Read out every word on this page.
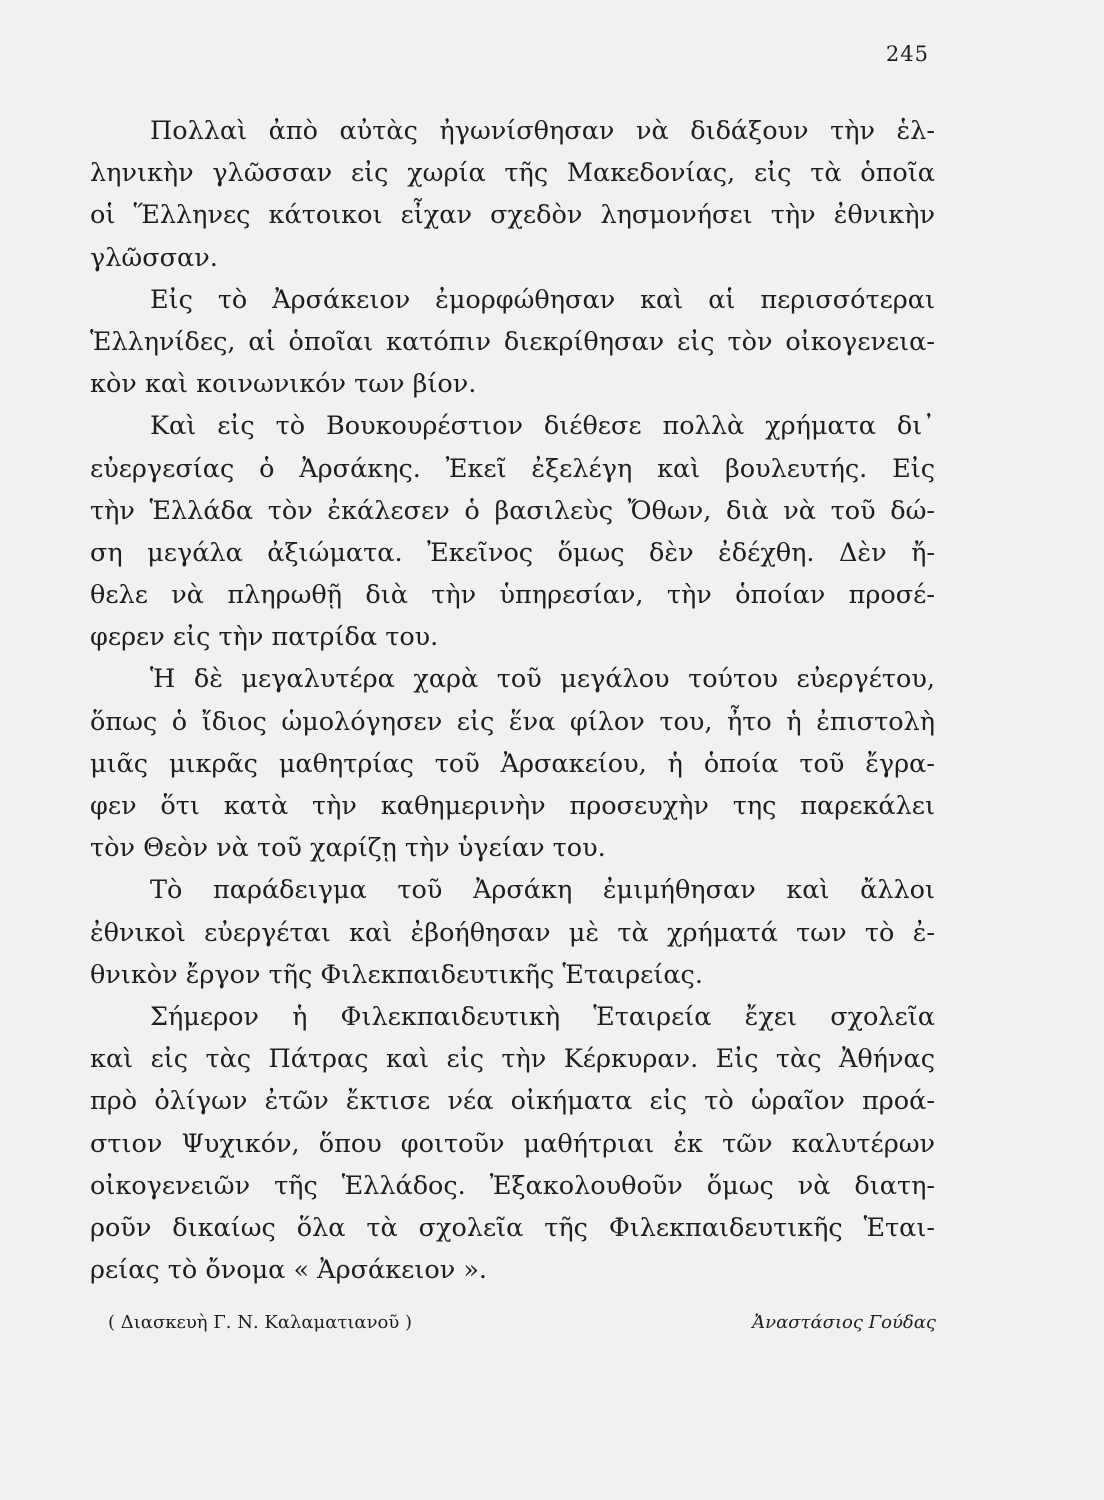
245
Πολλαὶ ἀπὸ αὐτὰς ἠγωνίσθησαν νὰ διδάξουν τὴν ἑλ-
ληνικὴν γλῶσσαν εἰς χωρία τῆς Μακεδονίας, εἰς τὰ ὁποῖα
οἱ Ἕλληνες κάτοικοι εἶχαν σχεδὸν λησμονήσει τὴν ἐθνικὴν
γλῶσσαν.
Εἰς τὸ Ἀρσάκειον ἐμορφώθησαν καὶ αἱ περισσότεραι
Ἑλληνίδες, αἱ ὁποῖαι κατόπιν διεκρίθησαν εἰς τὸν οἰκογενεια-
κὸν καὶ κοινωνικόν των βίον.
Καὶ εἰς τὸ Βουκουρέστιον διέθεσε πολλὰ χρήματα δι᾿
εὐεργεσίας ὁ Ἀρσάκης. Ἐκεῖ ἐξελέγη καὶ βουλευτής. Εἰς
τὴν Ἑλλάδα τὸν ἐκάλεσεν ὁ βασιλεὺς Ὄθων, διὰ νὰ τοῦ δώ-
ση μεγάλα ἀξιώματα. Ἐκεῖνος ὅμως δὲν ἐδέχθη. Δὲν ἤ-
θελε νὰ πληρωθῇ διὰ τὴν ὑπηρεσίαν, τὴν ὁποίαν προσέ-
φερεν εἰς τὴν πατρίδα του.
Ἡ δὲ μεγαλυτέρα χαρὰ τοῦ μεγάλου τούτου εὐεργέτου,
ὅπως ὁ ἴδιος ὡμολόγησεν εἰς ἕνα φίλον του, ἦτο ἡ ἐπιστολὴ
μιᾶς μικρᾶς μαθητρίας τοῦ Ἀρσακείου, ἡ ὁποία τοῦ ἔγρα-
φεν ὅτι κατὰ τὴν καθημερινὴν προσευχὴν της παρεκάλει
τὸν Θεὸν νὰ τοῦ χαρίζῃ τὴν ὑγείαν του.
Τὸ παράδειγμα τοῦ Ἀρσάκη ἐμιμήθησαν καὶ ἄλλοι
ἐθνικοὶ εὐεργέται καὶ ἐβοήθησαν μὲ τὰ χρήματά των τὸ ἐ-
θνικὸν ἔργον τῆς Φιλεκπαιδευτικῆς Ἑταιρείας.
Σήμερον ἡ Φιλεκπαιδευτικὴ Ἑταιρεία ἔχει σχολεῖα
καὶ εἰς τὰς Πάτρας καὶ εἰς τὴν Κέρκυραν. Εἰς τὰς Ἀθήνας
πρὸ ὀλίγων ἐτῶν ἔκτισε νέα οἰκήματα εἰς τὸ ὡραῖον προά-
στιον Ψυχικόν, ὅπου φοιτοῦν μαθήτριαι ἐκ τῶν καλυτέρων
οἰκογενειῶν τῆς Ἑλλάδος. Ἐξακολουθοῦν ὅμως νὰ διατη-
ροῦν δικαίως ὅλα τὰ σχολεῖα τῆς Φιλεκπαιδευτικῆς Ἑται-
ρείας τὸ ὄνομα « Ἀρσάκειον ».
( Διασκευὴ Γ. Ν. Καλαματιανοῦ )	Ἀναστάσιος Γούδας
